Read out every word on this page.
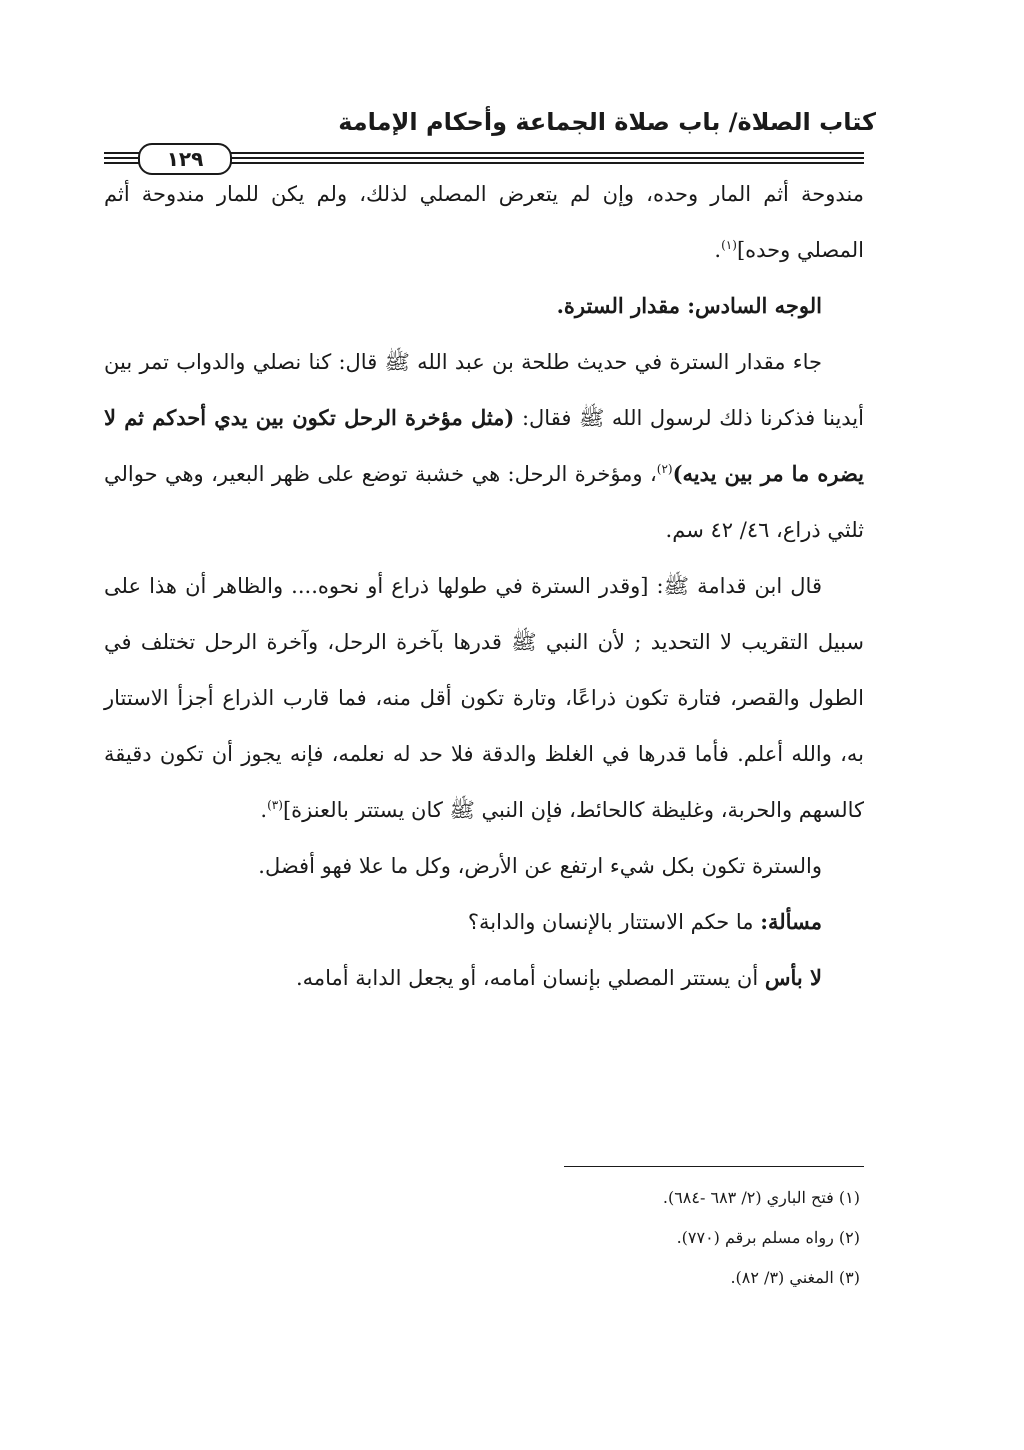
كتاب الصلاة/ باب صلاة الجماعة وأحكام الإمامة
١٢٩

مندوحة أثم المار وحده، وإن لم يتعرض المصلي لذلك، ولم يكن للمار مندوحة أثم المصلي وحده]$^{(١)}$.

الوجه السادس: مقدار السترة.

جاء مقدار السترة في حديث طلحة بن عبد الله ﷺ قال: كنا نصلي والدواب تمر بين أيدينا فذكرنا ذلك لرسول الله ﷺ فقال: (مثل مؤخرة الرحل تكون بين يدي أحدكم ثم لا يضره ما مر بين يديه)$^{(٢)}$، ومؤخرة الرحل: هي خشبة توضع على ظهر البعير، وهي حوالي ثلثي ذراع، ٤٦/ ٤٢ سم.

قال ابن قدامة ﷺ: [وقدر السترة في طولها ذراع أو نحوه.... والظاهر أن هذا على سبيل التقريب لا التحديد ; لأن النبي ﷺ قدرها بآخرة الرحل، وآخرة الرحل تختلف في الطول والقصر، فتارة تكون ذراعًا، وتارة تكون أقل منه، فما قارب الذراع أجزأ الاستتار به، والله أعلم. فأما قدرها في الغلظ والدقة فلا حد له نعلمه، فإنه يجوز أن تكون دقيقة كالسهم والحربة، وغليظة كالحائط، فإن النبي ﷺ كان يستتر بالعنزة]$^{(٣)}$.

والسترة تكون بكل شيء ارتفع عن الأرض، وكل ما علا فهو أفضل.

مسألة: ما حكم الاستتار بالإنسان والدابة؟

لا بأس أن يستتر المصلي بإنسان أمامه، أو يجعل الدابة أمامه.

(١) فتح الباري (٢/ ٦٨٣ -٦٨٤).

(٢) رواه مسلم برقم (٧٧٠).

(٣) المغني (٣/ ٨٢).
